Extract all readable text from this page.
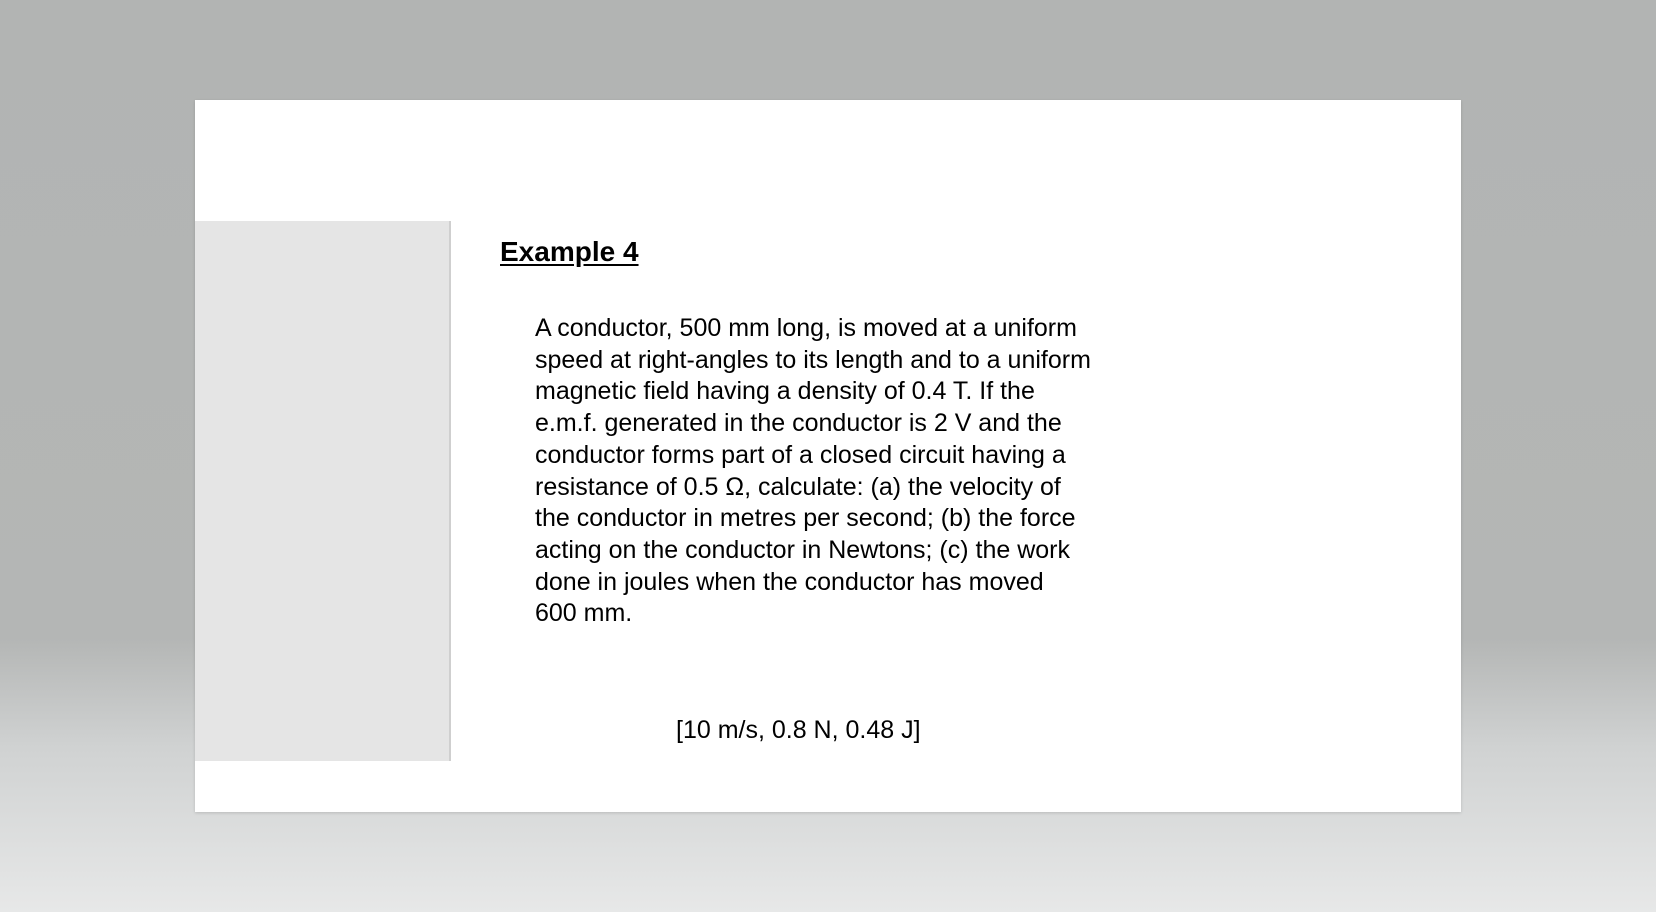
Example 4

A conductor, 500 mm long, is moved at a uniform
speed at right-angles to its length and to a uniform
magnetic field having a density of 0.4 T. If the
e.m.f. generated in the conductor is 2 V and the
conductor forms part of a closed circuit having a
resistance of 0.5 Ω, calculate: (a) the velocity of
the conductor in metres per second; (b) the force
acting on the conductor in Newtons; (c) the work
done in joules when the conductor has moved
600 mm.

[10 m/s, 0.8 N, 0.48 J]
